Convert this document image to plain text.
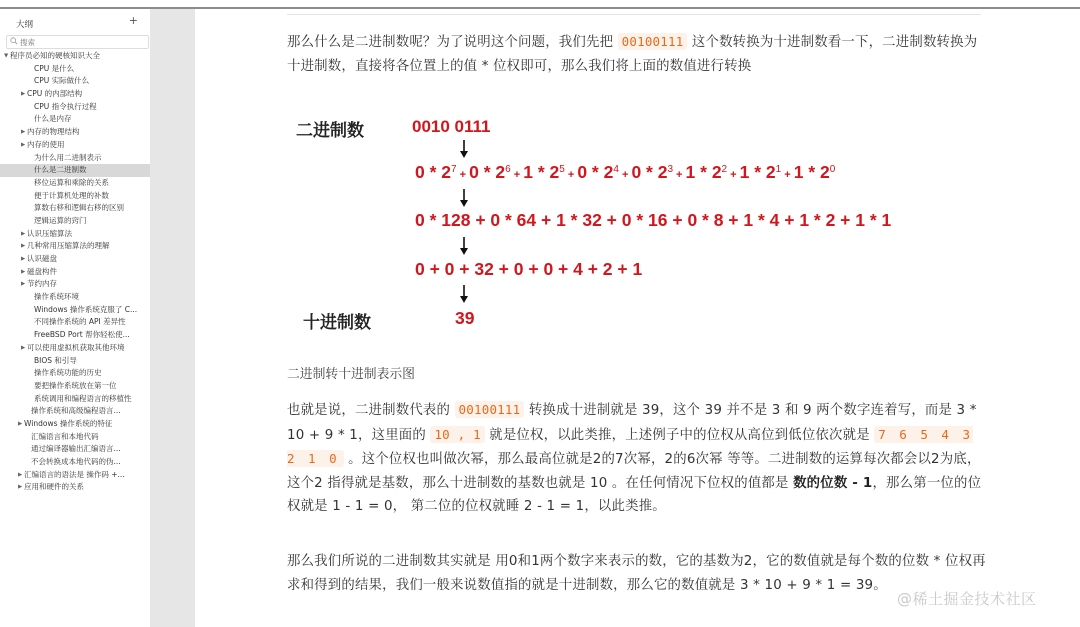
大纲	+
搜索
▼ 程序员必知的硬核知识大全
CPU 是什么
CPU 实际做什么
▶ CPU 的内部结构
CPU 指令执行过程
什么是内存
▶ 内存的物理结构
▶ 内存的使用
为什么用二进制表示
什么是二进制数
移位运算和乘除的关系
便于计算机处理的补数
算数右移和逻辑右移的区别
逻辑运算的窍门
▶ 认识压缩算法
▶ 几种常用压缩算法的理解
▶ 认识磁盘
▶ 磁盘构件
▶ 节约内存
操作系统环境
Windows 操作系统克服了 C...
不同操作系统的 API 差异性
FreeBSD Port 帮你轻松使...
▶ 可以使用虚拟机获取其他环境
BIOS 和引导
操作系统功能的历史
要把操作系统放在第一位
系统调用和编程语言的移植性
操作系统和高级编程语言...
▶ Windows 操作系统的特征
汇编语言和本地代码
通过编译器输出汇编语言...
不会转换成本地代码的伪...
▶ 汇编语言的语法是 操作码 +...
▶ 应用和硬件的关系

那么什么是二进制数呢？为了说明这个问题，我们先把 00100111 这个数转换为十进制数看一下，二进制数转换为十进制数，直接将各位置上的值 * 位权即可，那么我们将上面的数值进行转换

二进制数	0010 0111
$0 * 2^7 + 0 * 2^6 + 1 * 2^5 + 0 * 2^4 + 0 * 2^3 + 1 * 2^2 + 1 * 2^1 + 1 * 2^0$
0 * 128 + 0 * 64 + 1 * 32 + 0 * 16 + 0 * 8 + 1 * 4 + 1 * 2 + 1 * 1
0 + 0 + 32 + 0 + 0 + 4 + 2 + 1
十进制数	39
二进制转十进制表示图

也就是说，二进制数代表的 00100111 转换成十进制就是 39，这个 39 并不是 3 和 9 两个数字连着写，而是 3 * 10 + 9 * 1，这里面的 10 , 1 就是位权，以此类推，上述例子中的位权从高位到低位依次就是 7 6 5 4 3 2 1 0 。这个位权也叫做次幂，那么最高位就是2的7次幂，2的6次幂 等等。二进制数的运算每次都会以2为底，这个2 指得就是基数，那么十进制数的基数也就是 10 。在任何情况下位权的值都是 数的位数 - 1，那么第一位的位权就是 1 - 1 = 0， 第二位的位权就睡 2 - 1 = 1，以此类推。

那么我们所说的二进制数其实就是 用0和1两个数字来表示的数，它的基数为2，它的数值就是每个数的位数 * 位权再求和得到的结果，我们一般来说数值指的就是十进制数，那么它的数值就是 3 * 10 + 9 * 1 = 39。

@稀土掘金技术社区
